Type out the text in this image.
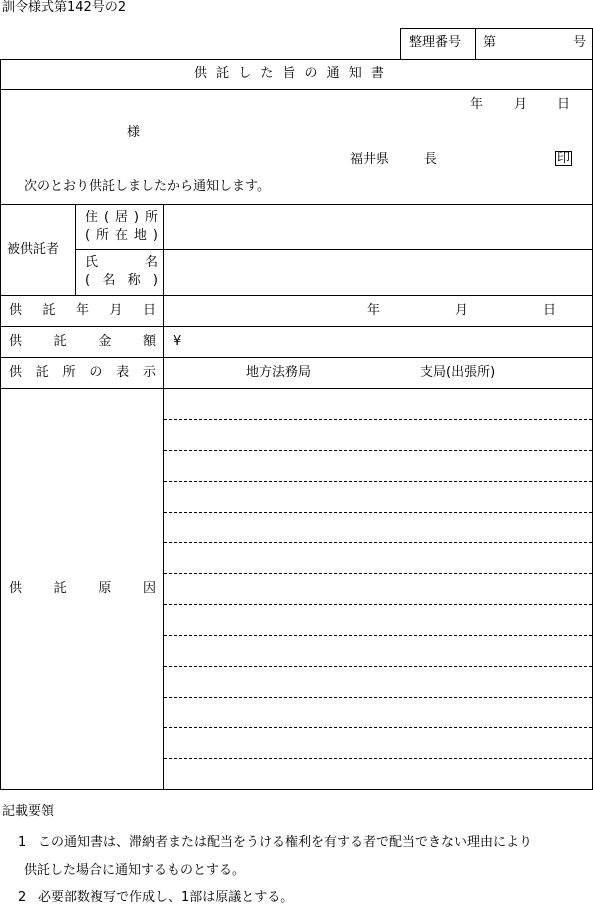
訓令様式第142号の2
整理番号 第	号
供 託 し た 旨 の 通 知 書
年 月 日
様
福井県	長	印
次のとおり供託しましたから通知します。
被供託者
住 ( 居 ) 所
( 所 在 地 )
氏	名
( 名 称 )
供 託 年 月 日	年	月	日
供 託 金 額 ¥
供 託 所 の 表 示	地方法務局	支局(出張所)
供 託 原 因
記載要領
1 この通知書は、滞納者または配当をうける権利を有する者で配当できない理由により
供託した場合に通知するものとする。
2 必要部数複写で作成し、1部は原議とする。
